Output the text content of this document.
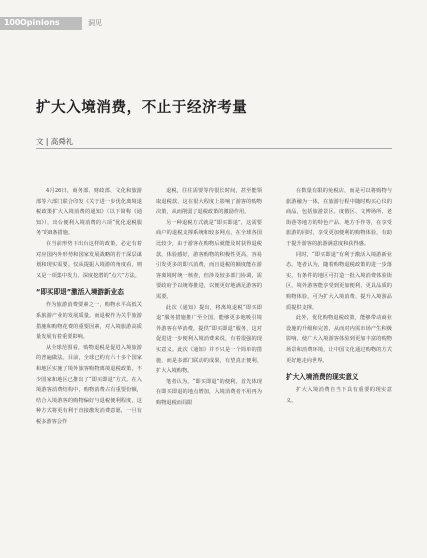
100 Opinions	洞见
扩大入境消费，不止于经济考量
文 | 高舜礼

4月26日，商务部、财政部、文化和旅游部等六部门联合印发《关于进一步优化离境退税政策扩大入境消费的通知》（以下简称《通知》），出台便利入境消费的六项“优化退税服务”的8条措施。

在当前形势下出台这样的政策，必定有着对应国内外形势和国家发展战略的若干深层谋划和现实需要。仅从提振入境游的角度看，则又是一项集中发力、深度挖潜的“点穴”方法。

“即买即退”激活入境游新业态

作为旅游消费要素之一，购物水平高低关系旅游产业的发展质量。而退税作为关乎旅游措施和购物花费的重要因素，对入境旅游高质量发展有着重要影响。

从全球范围看，购物退税是促进入境旅游的普遍做法。目前，全球已约有六十多个国家和地区实施了境外旅客购物离境退税政策，不少国家和地区已推出了“即买即退”方式。在入境游客消费结构中，购物消费占有重要份额，结合入境游客的购物偏好与退税便利程度，这种方式将更有利于直接激发消费意愿，一旦有税多游客会作

退税，往往需要等待很长时间，甚至能领取退税款，这在很大程度上影响了游客的购物决策，从而削弱了退税政策的激励作用。

另一种退税方式就是“即买即退”，这需要商户的退税支撑系统和较多网点，在全球各国比较少，由于游客在购物后就能及时获得退税款，体验感好，游客购物的积极性更高，容易引发更多的即兴消费，而且退税的额度能在游客离境时统一核查，但涉及较多部门协调，需要政府予以统筹推进，以便更好地满足游客的需要。

此次《通知》提出，将离境退税“即买即退”服务措施推广至全国，能够更多地吸引境外游客在华消费，提供“即买即退”服务，这对促进进一步便利入境消费来说，有着很强的现实意义。此次《通知》并不只是一个简单的措施，而是多部门联动的成果，有望真正便利、扩大入境购物。

笔者认为，“即买即退”的便利，首先体现在即买即退的地点增加，入境消费者不用再为购物退税而局限

在数量有限的免税店，而是可以将购物与旅游融为一体，在旅游行程中随时购买心仪的商品，包括旅游景区、度假区、文博场所、老街巷等地方的特色产品、地方手作等，在享受旅游的同时，享受更加便利的购物体验，有助于提升游客的旅游满意度和获得感。

同时，“即买即退”有利于激活入境游新业态。笔者认为，随着购物退税政策的进一步落实，有条件的地区可打造一批入境消费体验街区，境外游客能享受到更加便利、更具品质的购物体验，可为扩大入境消费、提升入境游品质提供支撑。

此外，优化购物退税政策，能够带动商业设施的升级和完善，从而对内需市场产生积极影响，使广大入境游客体验到更加丰富的购物场景和消费环境，让中国文化通过购物的方式更好地走向世界。

扩大入境消费的现实意义

扩大入境消费自当下具有重要的现实意义。
